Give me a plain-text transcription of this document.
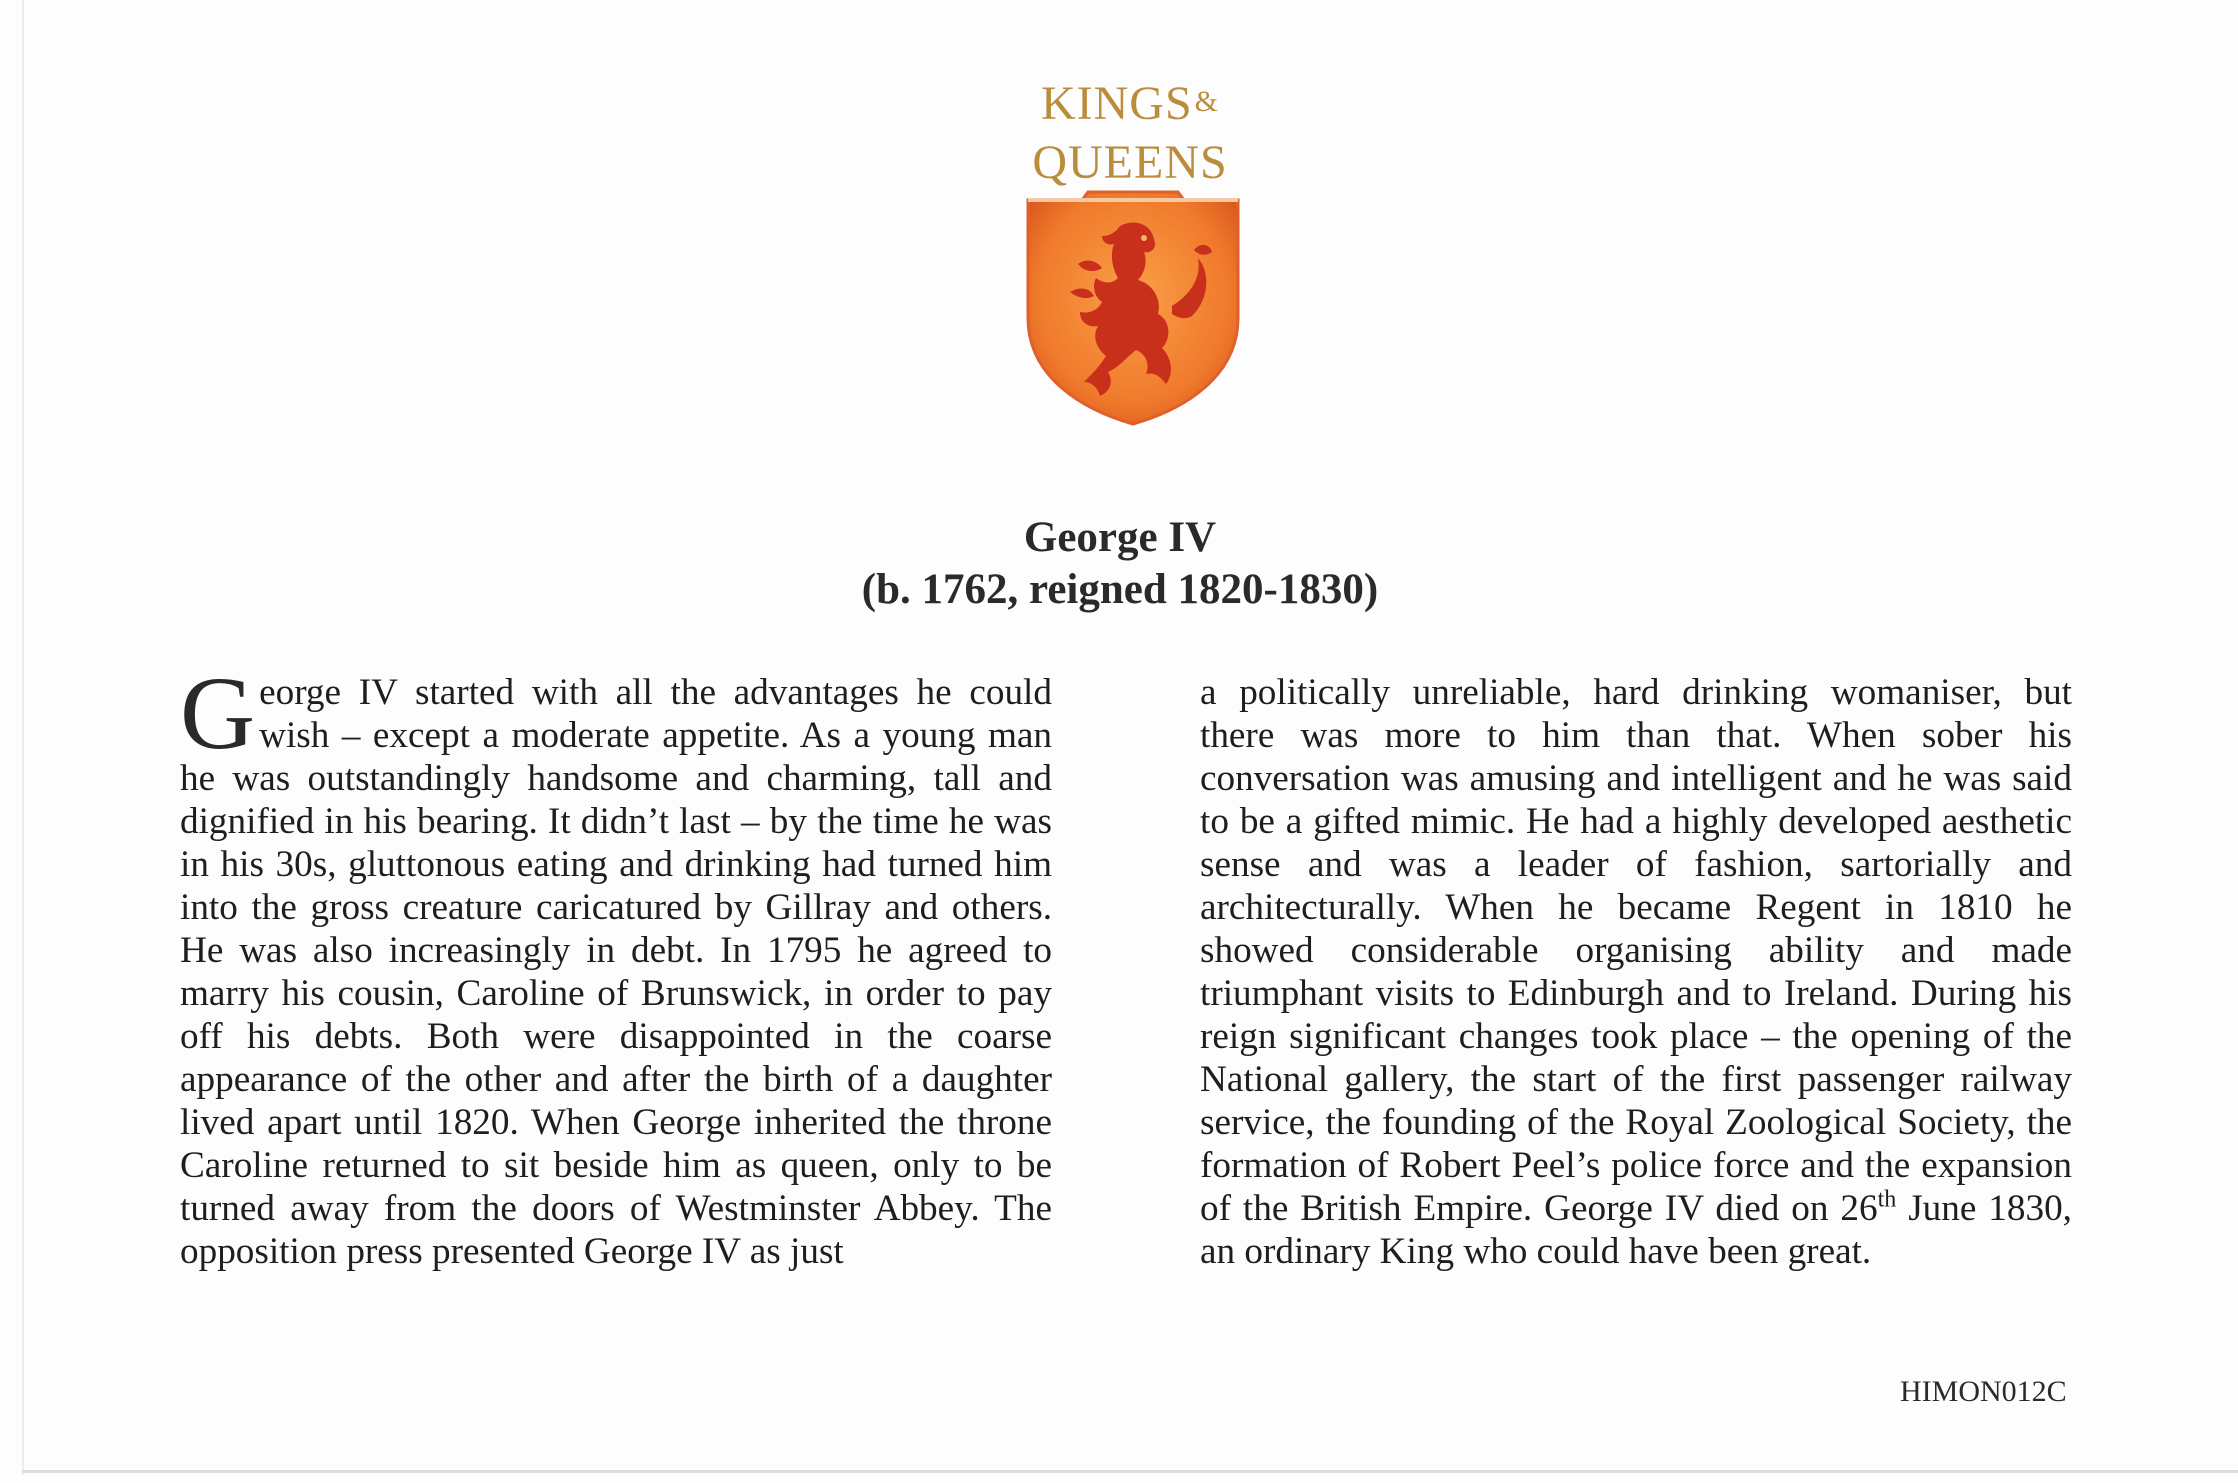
KINGS&
QUEENS
George IV
(b. 1762, reigned 1820-1830)
George IV started with all the advantages he could wish – except a moderate appetite. As a young man he was outstandingly handsome and charming, tall and dignified in his bearing. It didn’t last – by the time he was in his 30s, gluttonous eating and drinking had turned him into the gross creature caricatured by Gillray and others. He was also increasingly in debt. In 1795 he agreed to marry his cousin, Caroline of Brunswick, in order to pay off his debts. Both were disappointed in the coarse appearance of the other and after the birth of a daughter lived apart until 1820. When George inherited the throne Caroline returned to sit beside him as queen, only to be turned away from the doors of Westminster Abbey. The opposition press presented George IV as just
a politically unreliable, hard drinking womaniser, but there was more to him than that. When sober his conversation was amusing and intelligent and he was said to be a gifted mimic. He had a highly developed aesthetic sense and was a leader of fashion, sartorially and architecturally. When he became Regent in 1810 he showed considerable organising ability and made triumphant visits to Edinburgh and to Ireland. During his reign significant changes took place – the opening of the National gallery, the start of the first passenger railway service, the founding of the Royal Zoological Society, the formation of Robert Peel’s police force and the expansion of the British Empire. George IV died on 26th June 1830, an ordinary King who could have been great.
HIMON012C
